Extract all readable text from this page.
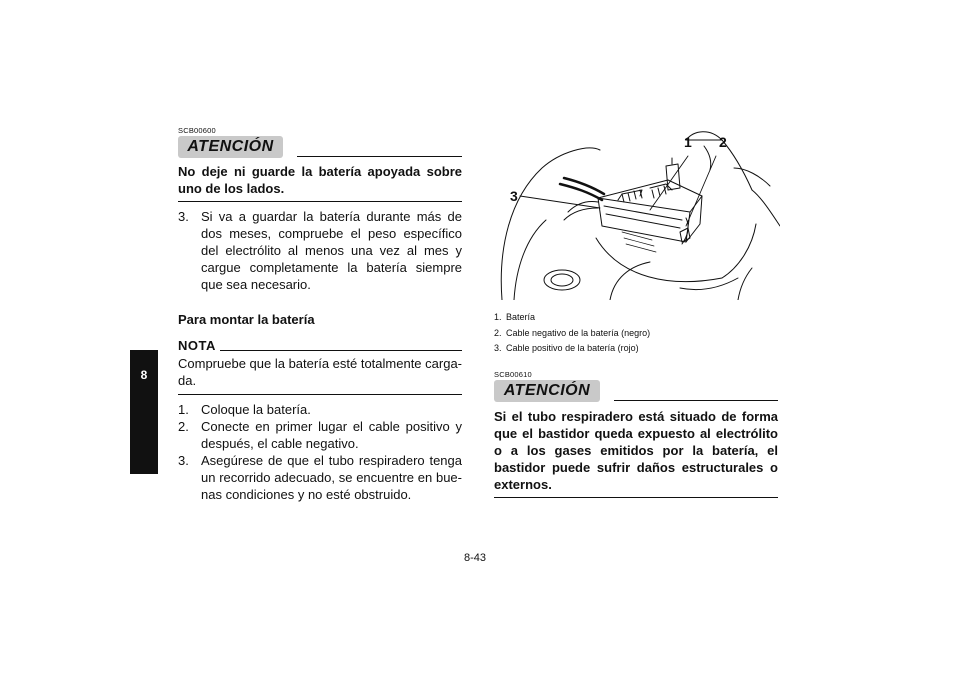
8
SCB00600
ATENCIÓN
No deje ni guarde la batería apoyada sobre uno de los lados.
3. Si va a guardar la batería durante más de dos meses, compruebe el peso específico del electrólito al menos una vez al mes y cargue completamente la batería siempre que sea necesario.
Para montar la batería
NOTA
Compruebe que la batería esté totalmente carga-da.
1. Coloque la batería.
2. Conecte en primer lugar el cable positivo y después, el cable negativo.
3. Asegúrese de que el tubo respiradero tenga un recorrido adecuado, se encuentre en bue-nas condiciones y no esté obstruido.
1 2
3
1. Batería
2. Cable negativo de la batería (negro)
3. Cable positivo de la batería (rojo)
SCB00610
ATENCIÓN
Si el tubo respiradero está situado de forma que el bastidor queda expuesto al electrólito o a los gases emitidos por la batería, el bastidor puede sufrir daños estructurales o externos.
8-43
